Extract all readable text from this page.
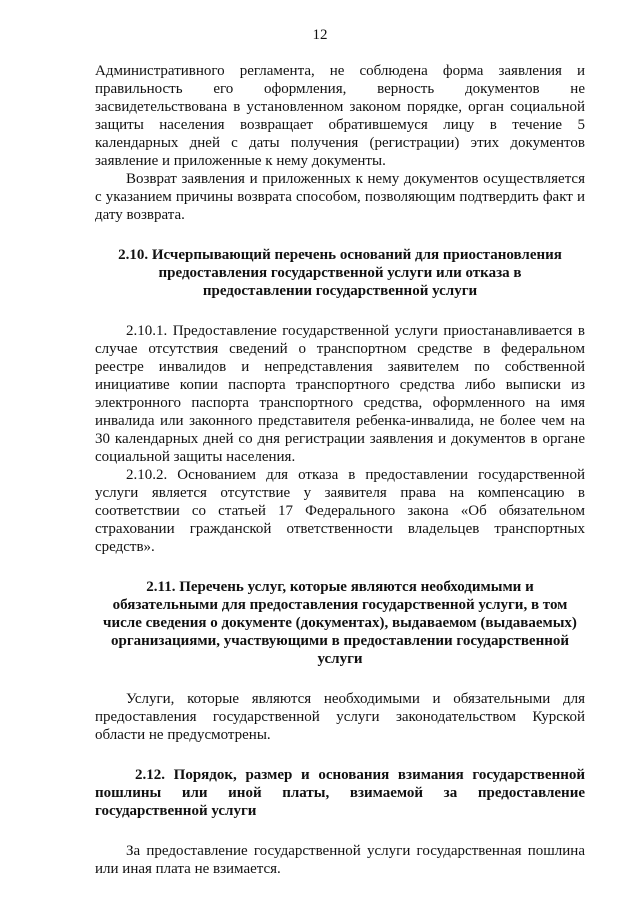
12

Административного регламента, не соблюдена форма заявления и правильность его оформления, верность документов не засвидетельствована в установленном законом порядке, орган социальной защиты населения возвращает обратившемуся лицу в течение 5 календарных дней с даты получения (регистрации) этих документов заявление и приложенные к нему документы.

Возврат заявления и приложенных к нему документов осуществляется с указанием причины возврата способом, позволяющим подтвердить факт и дату возврата.

2.10. Исчерпывающий перечень оснований для приостановления предоставления государственной услуги или отказа в предоставлении государственной услуги

2.10.1. Предоставление государственной услуги приостанавливается в случае отсутствия сведений о транспортном средстве в федеральном реестре инвалидов и непредставления заявителем по собственной инициативе копии паспорта транспортного средства либо выписки из электронного паспорта транспортного средства, оформленного на имя инвалида или законного представителя ребенка-инвалида, не более чем на 30 календарных дней со дня регистрации заявления и документов в органе социальной защиты населения.

2.10.2. Основанием для отказа в предоставлении государственной услуги является отсутствие у заявителя права на компенсацию в соответствии со статьей 17 Федерального закона «Об обязательном страховании гражданской ответственности владельцев транспортных средств».

2.11. Перечень услуг, которые являются необходимыми и обязательными для предоставления государственной услуги, в том числе сведения о документе (документах), выдаваемом (выдаваемых) организациями, участвующими в предоставлении государственной услуги

Услуги, которые являются необходимыми и обязательными для предоставления государственной услуги законодательством Курской области не предусмотрены.

2.12. Порядок, размер и основания взимания государственной пошлины или иной платы, взимаемой за предоставление государственной услуги

За предоставление государственной услуги государственная пошлина или иная плата не взимается.
